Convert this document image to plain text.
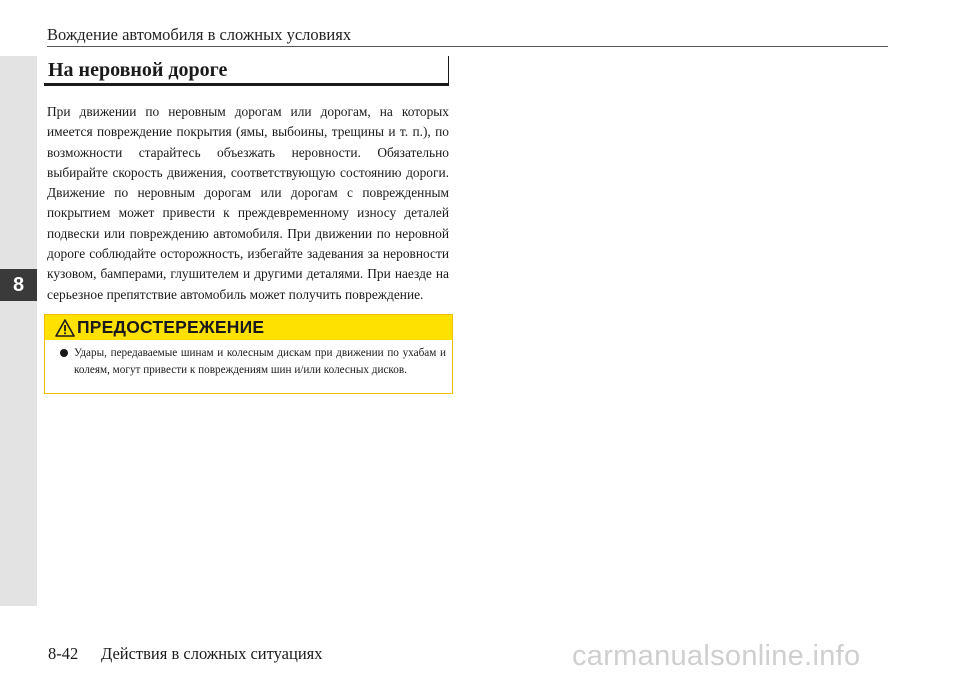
8
Вождение автомобиля в сложных условиях
На неровной дороге

При движении по неровным дорогам или дорогам, на которых имеется повреждение покрытия (ямы, выбоины, трещины и т. п.), по возможности старайтесь объезжать неровности. Обязательно выбирайте скорость движения, соответствующую состоянию дороги. Движение по неровным дорогам или дорогам с поврежденным покрытием может привести к преждевременному износу деталей подвески или повреждению автомобиля. При движении по неровной дороге соблюдайте осторожность, избегайте задевания за неровности кузовом, бамперами, глушителем и другими деталями. При наезде на серьезное препятствие автомобиль может получить повреждение.

ПРЕДОСТЕРЕЖЕНИЕ
Удары, передаваемые шинам и колесным дискам при движении по ухабам и колеям, могут привести к повреждениям шин и/или колесных дисков.
8-42 Действия в сложных ситуациях	carmanualsonline.info
